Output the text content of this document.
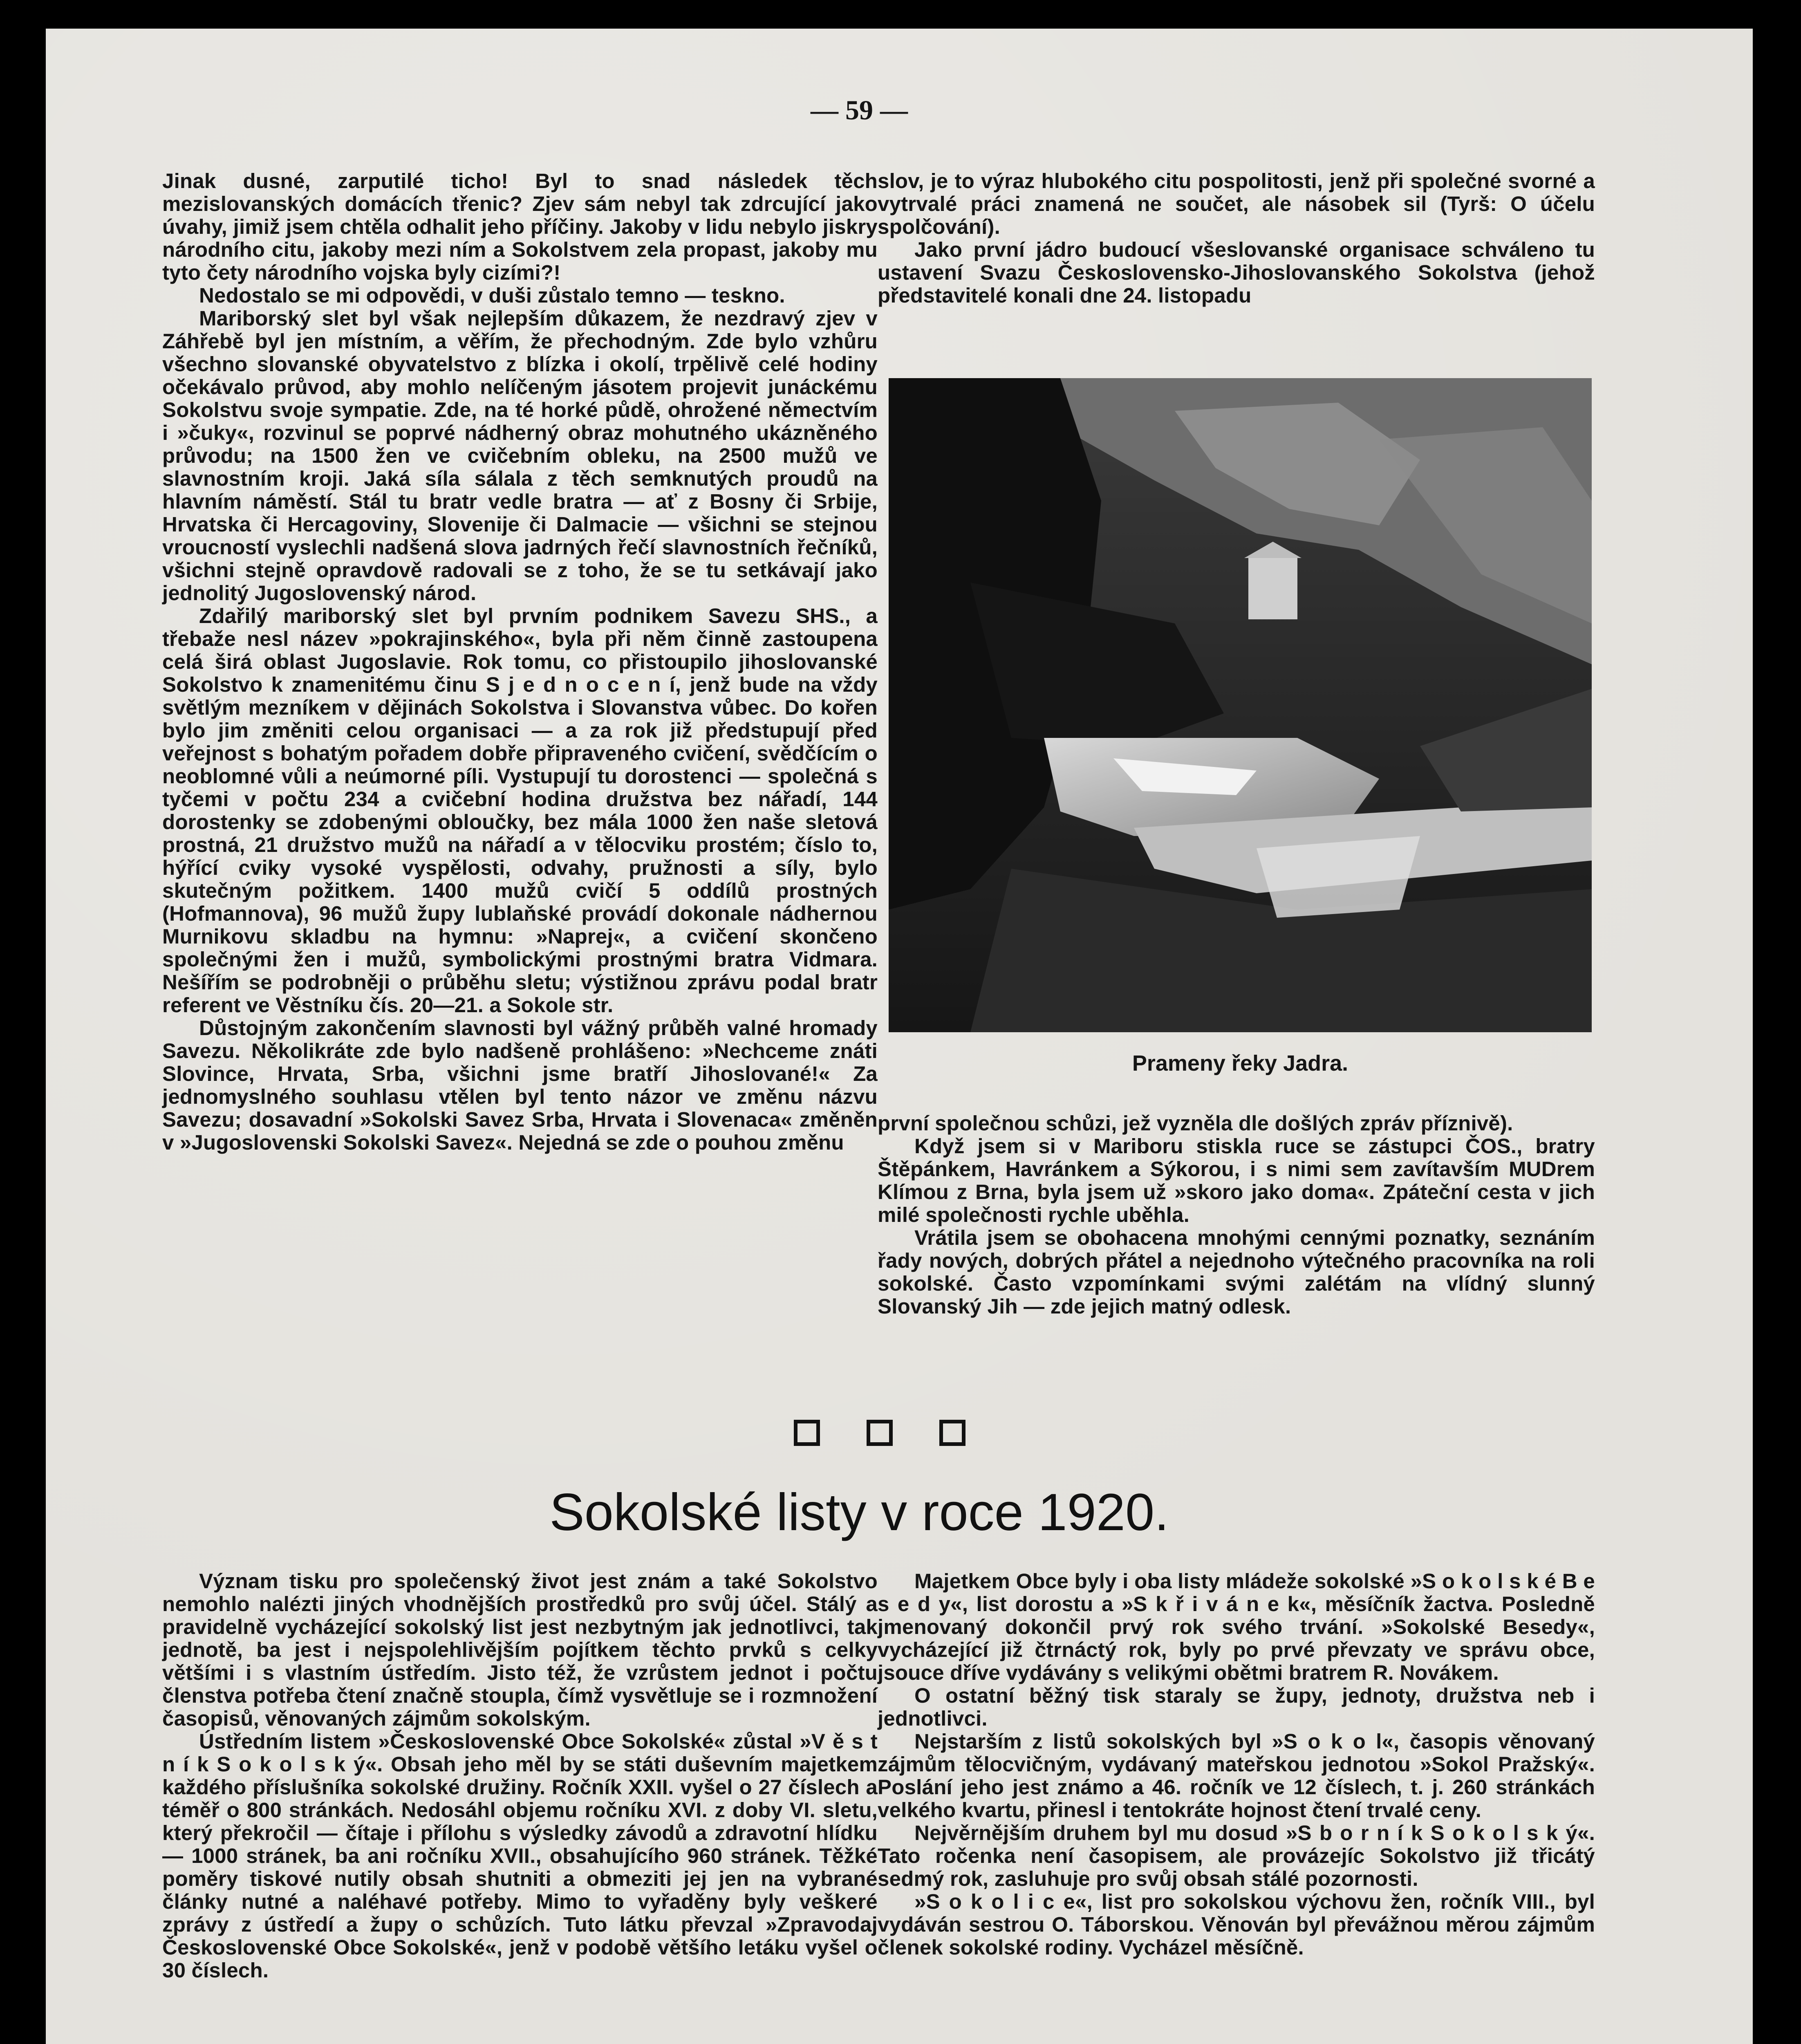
— 59 —

Jinak dusné, zarputilé ticho! Byl to snad následek těch mezislovanských domácích třenic? Zjev sám nebyl tak zdrcující jako úvahy, jimiž jsem chtěla odhalit jeho příčiny. Jakoby v lidu nebylo jiskry národního citu, jakoby mezi ním a Sokolstvem zela propast, jakoby mu tyto čety národního vojska byly cizími?!

Nedostalo se mi odpovědi, v duši zůstalo temno — teskno.

Mariborský slet byl však nejlepším důkazem, že nezdravý zjev v Záhřebě byl jen místním, a věřím, že přechodným. Zde bylo vzhůru všechno slovanské obyvatelstvo z blízka i okolí, trpělivě celé hodiny očekávalo průvod, aby mohlo nelíčeným jásotem projevit junáckému Sokolstvu svoje sympatie. Zde, na té horké půdě, ohrožené němectvím i »čuky«, rozvinul se poprvé nádherný obraz mohutného ukázněného průvodu; na 1500 žen ve cvičebním obleku, na 2500 mužů ve slavnostním kroji. Jaká síla sálala z těch semknutých proudů na hlavním náměstí. Stál tu bratr vedle bratra — ať z Bosny či Srbije, Hrvatska či Hercagoviny, Slovenije či Dalmacie — všichni se stejnou vroucností vyslechli nadšená slova jadrných řečí slavnostních řečníků, všichni stejně opravdově radovali se z toho, že se tu setkávají jako jednolitý Jugoslovenský národ.

Zdařilý mariborský slet byl prvním podnikem Savezu SHS., a třebaže nesl název »pokrajinského«, byla při něm činně zastoupena celá širá oblast Jugoslavie. Rok tomu, co přistoupilo jihoslovanské Sokolstvo k znamenitému činu S j e d n o c e n í, jenž bude na vždy světlým mezníkem v dějinách Sokolstva i Slovanstva vůbec. Do kořen bylo jim změniti celou organisaci — a za rok již předstupují před veřejnost s bohatým pořadem dobře připraveného cvičení, svědčícím o neoblomné vůli a neúmorné píli. Vystupují tu dorostenci — společná s tyčemi v počtu 234 a cvičební hodina družstva bez nářadí, 144 dorostenky se zdobenými obloučky, bez mála 1000 žen naše sletová prostná, 21 družstvo mužů na nářadí a v tělocviku prostém; číslo to, hýřící cviky vysoké vyspělosti, odvahy, pružnosti a síly, bylo skutečným požitkem. 1400 mužů cvičí 5 oddílů prostných (Hofmannova), 96 mužů župy lublaňské provádí dokonale nádhernou Murnikovu skladbu na hymnu: »Naprej«, a cvičení skončeno společnými žen i mužů, symbolickými prostnými bratra Vidmara. Nešířím se podrobněji o průběhu sletu; výstižnou zprávu podal bratr referent ve Věstníku čís. 20—21. a Sokole str.

Důstojným zakončením slavnosti byl vážný průběh valné hromady Savezu. Několikráte zde bylo nadšeně prohlášeno: »Nechceme znáti Slovince, Hrvata, Srba, všichni jsme bratří Jihoslované!« Za jednomyslného souhlasu vtělen byl tento názor ve změnu názvu Savezu; dosavadní »Sokolski Savez Srba, Hrvata i Slovenaca« změněn v »Jugoslovenski Sokolski Savez«. Nejedná se zde o pouhou změnu

slov, je to výraz hlubokého citu pospolitosti, jenž při společné svorné a vytrvalé práci znamená ne součet, ale násobek sil (Tyrš: O účelu spolčování).

Jako první jádro budoucí všeslovanské organisace schváleno tu ustavení Svazu Československo-Jihoslovanského Sokolstva (jehož představitelé konali dne 24. listopadu

Prameny řeky Jadra.

první společnou schůzi, jež vyzněla dle došlých zpráv příznivě).

Když jsem si v Mariboru stiskla ruce se zástupci ČOS., bratry Štěpánkem, Havránkem a Sýkorou, i s nimi sem zavítavším MUDrem Klímou z Brna, byla jsem už »skoro jako doma«. Zpáteční cesta v jich milé společnosti rychle uběhla.

Vrátila jsem se obohacena mnohými cennými poznatky, seznáním řady nových, dobrých přátel a nejednoho výtečného pracovníka na roli sokolské. Často vzpomínkami svými zalétám na vlídný slunný Slovanský Jih — zde jejich matný odlesk.

Sokolské listy v roce 1920.

Význam tisku pro společenský život jest znám a také Sokolstvo nemohlo nalézti jiných vhodnějších prostředků pro svůj účel. Stálý a pravidelně vycházející sokolský list jest nezbytným jak jednotlivci, tak jednotě, ba jest i nejspolehlivějším pojítkem těchto prvků s celky většími i s vlastním ústředím. Jisto též, že vzrůstem jednot i počtu členstva potřeba čtení značně stoupla, čímž vysvětluje se i rozmnožení časopisů, věnovaných zájmům sokolským.

Ústředním listem »Československé Obce Sokolské« zůstal »V ě s t n í k S o k o l s k ý«. Obsah jeho měl by se státi duševním majetkem každého příslušníka sokolské družiny. Ročník XXII. vyšel o 27 číslech a téměř o 800 stránkách. Nedosáhl objemu ročníku XVI. z doby VI. sletu, který překročil — čítaje i přílohu s výsledky závodů a zdravotní hlídku — 1000 stránek, ba ani ročníku XVII., obsahujícího 960 stránek. Těžké poměry tiskové nutily obsah shutniti a obmeziti jej jen na vybrané články nutné a naléhavé potřeby. Mimo to vyřaděny byly veškeré zprávy z ústředí a župy o schůzích. Tuto látku převzal »Zpravodaj Československé Obce Sokolské«, jenž v podobě většího letáku vyšel o 30 číslech.

Majetkem Obce byly i oba listy mládeže sokolské »S o k o l s k é B e s e d y«, list dorostu a »S k ř i v á n e k«, měsíčník žactva. Posledně jmenovaný dokončil prvý rok svého trvání. »Sokolské Besedy«, vycházející již čtrnáctý rok, byly po prvé převzaty ve správu obce, jsouce dříve vydávány s velikými obětmi bratrem R. Novákem.

O ostatní běžný tisk staraly se župy, jednoty, družstva neb i jednotlivci.

Nejstarším z listů sokolských byl »S o k o l«, časopis věnovaný zájmům tělocvičným, vydávaný mateřskou jednotou »Sokol Pražský«. Poslání jeho jest známo a 46. ročník ve 12 číslech, t. j. 260 stránkách velkého kvartu, přinesl i tentokráte hojnost čtení trvalé ceny.

Nejvěrnějším druhem byl mu dosud »S b o r n í k S o k o l s k ý«. Tato ročenka není časopisem, ale provázejíc Sokolstvo již třicátý sedmý rok, zasluhuje pro svůj obsah stálé pozornosti.

»S o k o l i c e«, list pro sokolskou výchovu žen, ročník VIII., byl vydáván sestrou O. Táborskou. Věnován byl převážnou měrou zájmům členek sokolské rodiny. Vycházel měsíčně.
